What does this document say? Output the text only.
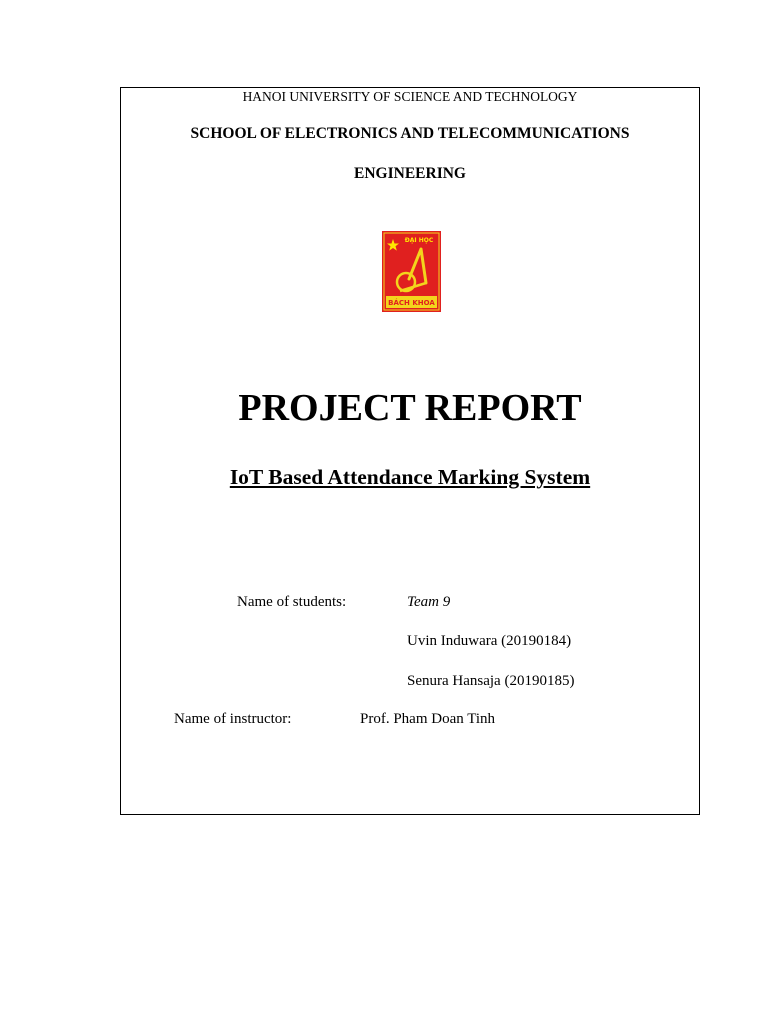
HANOI UNIVERSITY OF SCIENCE AND TECHNOLOGY
SCHOOL OF ELECTRONICS AND TELECOMMUNICATIONS
ENGINEERING
ĐẠI HỌC
BÁCH KHOA
PROJECT REPORT
IoT Based Attendance Marking System
Name of students:	Team 9
Uvin Induwara (20190184)
Senura Hansaja (20190185)
Name of instructor:	Prof. Pham Doan Tinh
